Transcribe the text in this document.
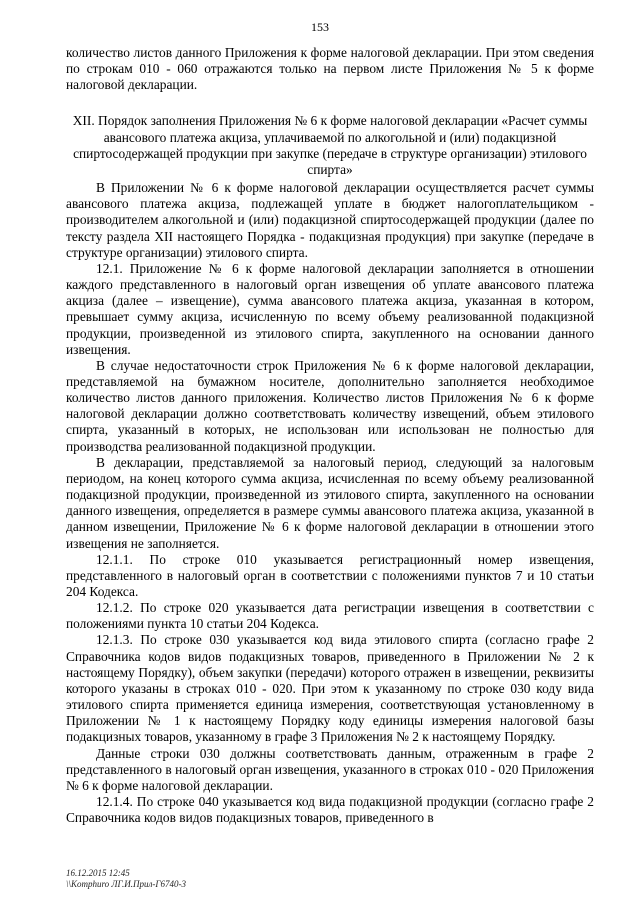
153

количество листов данного Приложения к форме налоговой декларации. При этом сведения по строкам 010 - 060 отражаются только на первом листе Приложения № 5 к форме налоговой декларации.

XII. Порядок заполнения Приложения № 6 к форме налоговой декларации «Расчет суммы авансового платежа акциза, уплачиваемой по алкогольной и (или) подакцизной спиртосодержащей продукции при закупке (передаче в структуре организации) этилового спирта»

В Приложении № 6 к форме налоговой декларации осуществляется расчет суммы авансового платежа акциза, подлежащей уплате в бюджет налогоплательщиком - производителем алкогольной и (или) подакцизной спиртосодержащей продукции (далее по тексту раздела XII настоящего Порядка - подакцизная продукция) при закупке (передаче в структуре организации) этилового спирта.

12.1. Приложение № 6 к форме налоговой декларации заполняется в отношении каждого представленного в налоговый орган извещения об уплате авансового платежа акциза (далее – извещение), сумма авансового платежа акциза, указанная в котором, превышает сумму акциза, исчисленную по всему объему реализованной подакцизной продукции, произведенной из этилового спирта, закупленного на основании данного извещения.

В случае недостаточности строк Приложения № 6 к форме налоговой декларации, представляемой на бумажном носителе, дополнительно заполняется необходимое количество листов данного приложения. Количество листов Приложения № 6 к форме налоговой декларации должно соответствовать количеству извещений, объем этилового спирта, указанный в которых, не использован или использован не полностью для производства реализованной подакцизной продукции.

В декларации, представляемой за налоговый период, следующий за налоговым периодом, на конец которого сумма акциза, исчисленная по всему объему реализованной подакцизной продукции, произведенной из этилового спирта, закупленного на основании данного извещения, определяется в размере суммы авансового платежа акциза, указанной в данном извещении, Приложение № 6 к форме налоговой декларации в отношении этого извещения не заполняется.

12.1.1. По строке 010 указывается регистрационный номер извещения, представленного в налоговый орган в соответствии с положениями пунктов 7 и 10 статьи 204 Кодекса.

12.1.2. По строке 020 указывается дата регистрации извещения в соответствии с положениями пункта 10 статьи 204 Кодекса.

12.1.3. По строке 030 указывается код вида этилового спирта (согласно графе 2 Справочника кодов видов подакцизных товаров, приведенного в Приложении № 2 к настоящему Порядку), объем закупки (передачи) которого отражен в извещении, реквизиты которого указаны в строках 010 - 020. При этом к указанному по строке 030 коду вида этилового спирта применяется единица измерения, соответствующая установленному в Приложении № 1 к настоящему Порядку коду единицы измерения налоговой базы подакцизных товаров, указанному в графе 3 Приложения № 2 к настоящему Порядку.

Данные строки 030 должны соответствовать данным, отраженным в графе 2 представленного в налоговый орган извещения, указанного в строках 010 - 020 Приложения № 6 к форме налоговой декларации.

12.1.4. По строке 040 указывается код вида подакцизной продукции (согласно графе 2 Справочника кодов видов подакцизных товаров, приведенного в

16.12.2015 12:45
\\Komphuro ЛГ.И.Прил-Г6740-3
